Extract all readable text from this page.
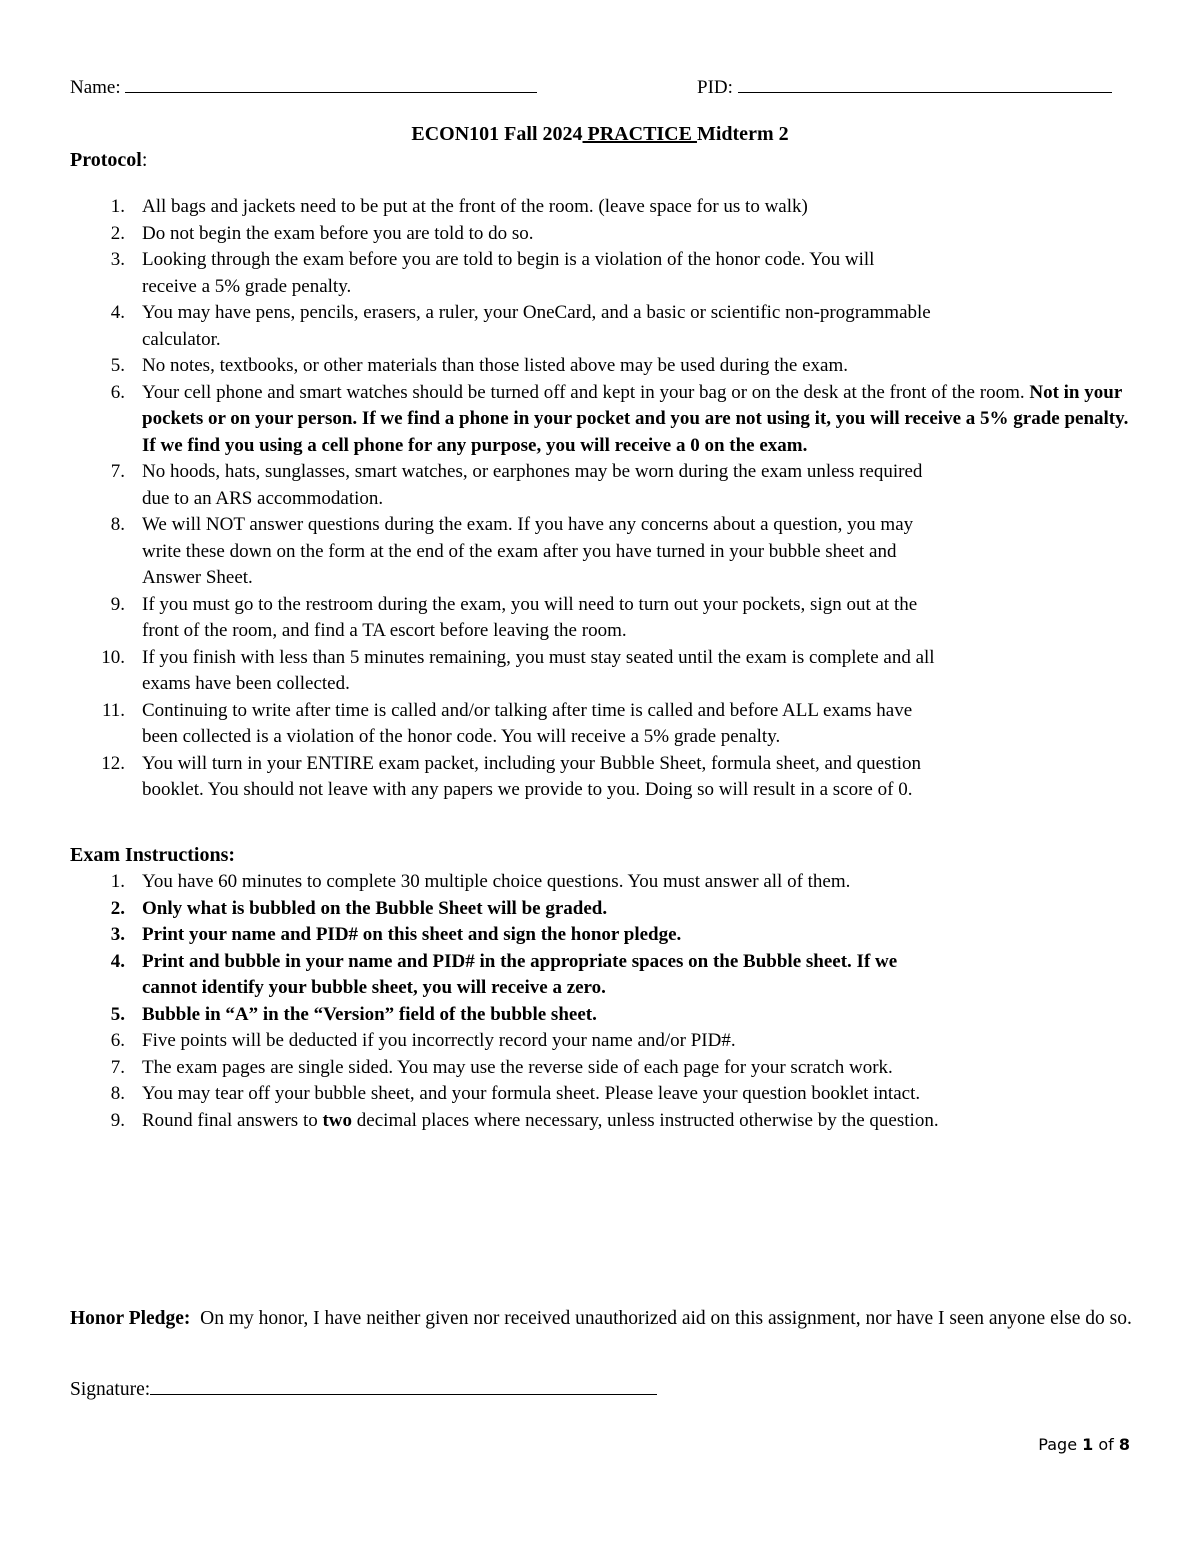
Name:	PID:
ECON101 Fall 2024 PRACTICE Midterm 2
Protocol:
1. All bags and jackets need to be put at the front of the room. (leave space for us to walk)
2. Do not begin the exam before you are told to do so.
3. Looking through the exam before you are told to begin is a violation of the honor code. You will
receive a 5% grade penalty.
4. You may have pens, pencils, erasers, a ruler, your OneCard, and a basic or scientific non-programmable
calculator.
5. No notes, textbooks, or other materials than those listed above may be used during the exam.
6. Your cell phone and smart watches should be turned off and kept in your bag or on the desk at the front of the room. Not in your pockets or on your person. If we find a phone in your pocket and you are not using it, you will receive a 5% grade penalty. If we find you using a cell phone for any purpose, you will receive a 0 on the exam.
7. No hoods, hats, sunglasses, smart watches, or earphones may be worn during the exam unless required
due to an ARS accommodation.
8. We will NOT answer questions during the exam. If you have any concerns about a question, you may
write these down on the form at the end of the exam after you have turned in your bubble sheet and
Answer Sheet.
9. If you must go to the restroom during the exam, you will need to turn out your pockets, sign out at the
front of the room, and find a TA escort before leaving the room.
10. If you finish with less than 5 minutes remaining, you must stay seated until the exam is complete and all
exams have been collected.
11. Continuing to write after time is called and/or talking after time is called and before ALL exams have
been collected is a violation of the honor code. You will receive a 5% grade penalty.
12. You will turn in your ENTIRE exam packet, including your Bubble Sheet, formula sheet, and question
booklet. You should not leave with any papers we provide to you. Doing so will result in a score of 0.
Exam Instructions:
1. You have 60 minutes to complete 30 multiple choice questions. You must answer all of them.
2. Only what is bubbled on the Bubble Sheet will be graded.
3. Print your name and PID# on this sheet and sign the honor pledge.
4. Print and bubble in your name and PID# in the appropriate spaces on the Bubble sheet. If we
cannot identify your bubble sheet, you will receive a zero.
5. Bubble in “A” in the “Version” field of the bubble sheet.
6. Five points will be deducted if you incorrectly record your name and/or PID#.
7. The exam pages are single sided. You may use the reverse side of each page for your scratch work.
8. You may tear off your bubble sheet, and your formula sheet. Please leave your question booklet intact.
9. Round final answers to two decimal places where necessary, unless instructed otherwise by the question.
Honor Pledge:  On my honor, I have neither given nor received unauthorized aid on this assignment, nor have I seen anyone else do so.
Signature:
Page 1 of 8
